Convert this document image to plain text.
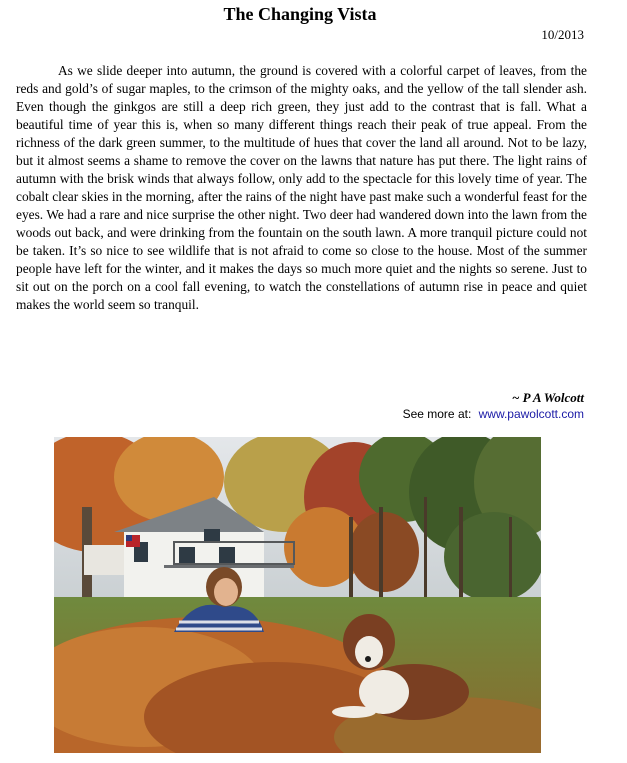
The Changing Vista
10/2013

As we slide deeper into autumn, the ground is covered with a colorful carpet of leaves, from the reds and gold’s of sugar maples, to the crimson of the mighty oaks, and the yellow of the tall slender ash. Even though the ginkgos are still a deep rich green, they just add to the contrast that is fall. What a beautiful time of year this is, when so many different things reach their peak of true appeal. From the richness of the dark green summer, to the multitude of hues that cover the land all around. Not to be lazy, but it almost seems a shame to remove the cover on the lawns that nature has put there. The light rains of autumn with the brisk winds that always follow, only add to the spectacle for this lovely time of year. The cobalt clear skies in the morning, after the rains of the night have past make such a wonderful feast for the eyes. We had a rare and nice surprise the other night. Two deer had wandered down into the lawn from the woods out back, and were drinking from the fountain on the south lawn. A more tranquil picture could not be taken. It’s so nice to see wildlife that is not afraid to come so close to the house. Most of the summer people have left for the winter, and it makes the days so much more quiet and the nights so serene. Just to sit out on the porch on a cool fall evening, to watch the constellations of autumn rise in peace and quiet makes the world seem so tranquil.

~ P A Wolcott
See more at: www.pawolcott.com
